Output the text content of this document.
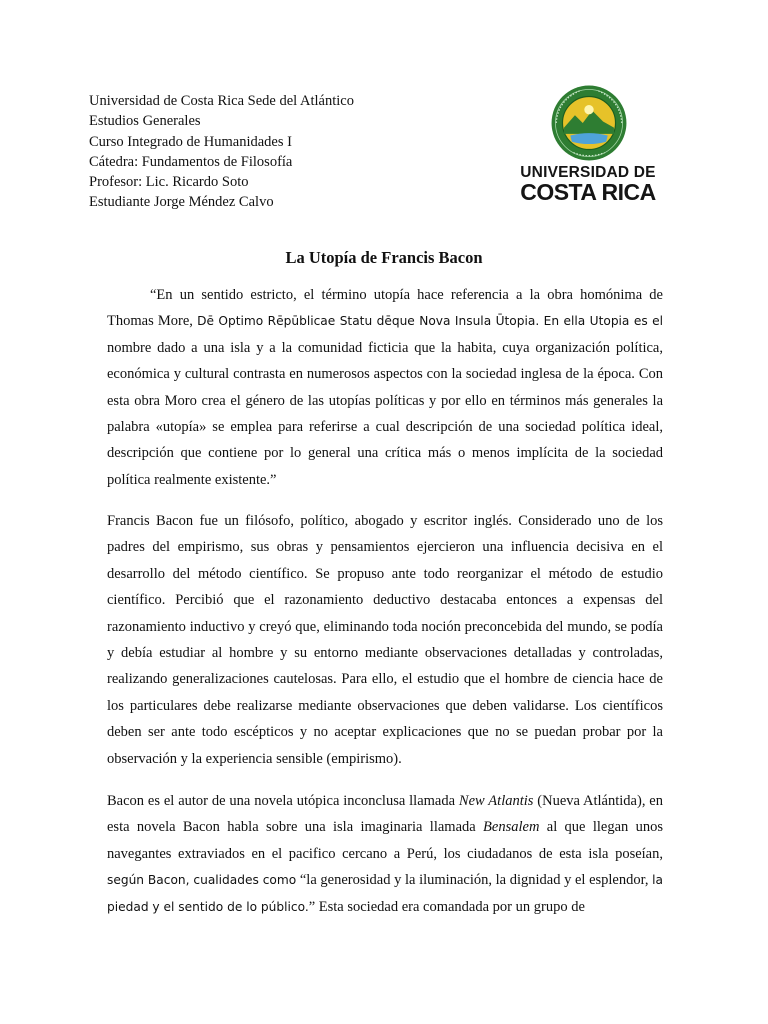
Universidad de Costa Rica Sede del Atlántico
Estudios Generales
Curso Integrado de Humanidades I
Cátedra: Fundamentos de Filosofía
Profesor: Lic. Ricardo Soto
Estudiante Jorge Méndez Calvo
UNIVERSIDAD DE
COSTA RICA
La Utopía de Francis Bacon

“En un sentido estricto, el término utopía hace referencia a la obra homónima de Thomas More, Dē Optimo Rēpūblicae Statu dēque Nova Insula Ūtopia. En ella Utopia es el nombre dado a una isla y a la comunidad ficticia que la habita, cuya organización política, económica y cultural contrasta en numerosos aspectos con la sociedad inglesa de la época. Con esta obra Moro crea el género de las utopías políticas y por ello en términos más generales la palabra «utopía» se emplea para referirse a cual descripción de una sociedad política ideal, descripción que contiene por lo general una crítica más o menos implícita de la sociedad política realmente existente.”

Francis Bacon fue un filósofo, político, abogado y escritor inglés. Considerado uno de los padres del empirismo, sus obras y pensamientos ejercieron una influencia decisiva en el desarrollo del método científico. Se propuso ante todo reorganizar el método de estudio científico. Percibió que el razonamiento deductivo destacaba entonces a expensas del razonamiento inductivo y creyó que, eliminando toda noción preconcebida del mundo, se podía y debía estudiar al hombre y su entorno mediante observaciones detalladas y controladas, realizando generalizaciones cautelosas. Para ello, el estudio que el hombre de ciencia hace de los particulares debe realizarse mediante observaciones que deben validarse. Los científicos deben ser ante todo escépticos y no aceptar explicaciones que no se puedan probar por la observación y la experiencia sensible (empirismo).

Bacon es el autor de una novela utópica inconclusa llamada New Atlantis (Nueva Atlántida), en esta novela Bacon habla sobre una isla imaginaria llamada Bensalem al que llegan unos navegantes extraviados en el pacifico cercano a Perú, los ciudadanos de esta isla poseían, según Bacon, cualidades como “la generosidad y la iluminación, la dignidad y el esplendor, la piedad y el sentido de lo público.” Esta sociedad era comandada por un grupo de
